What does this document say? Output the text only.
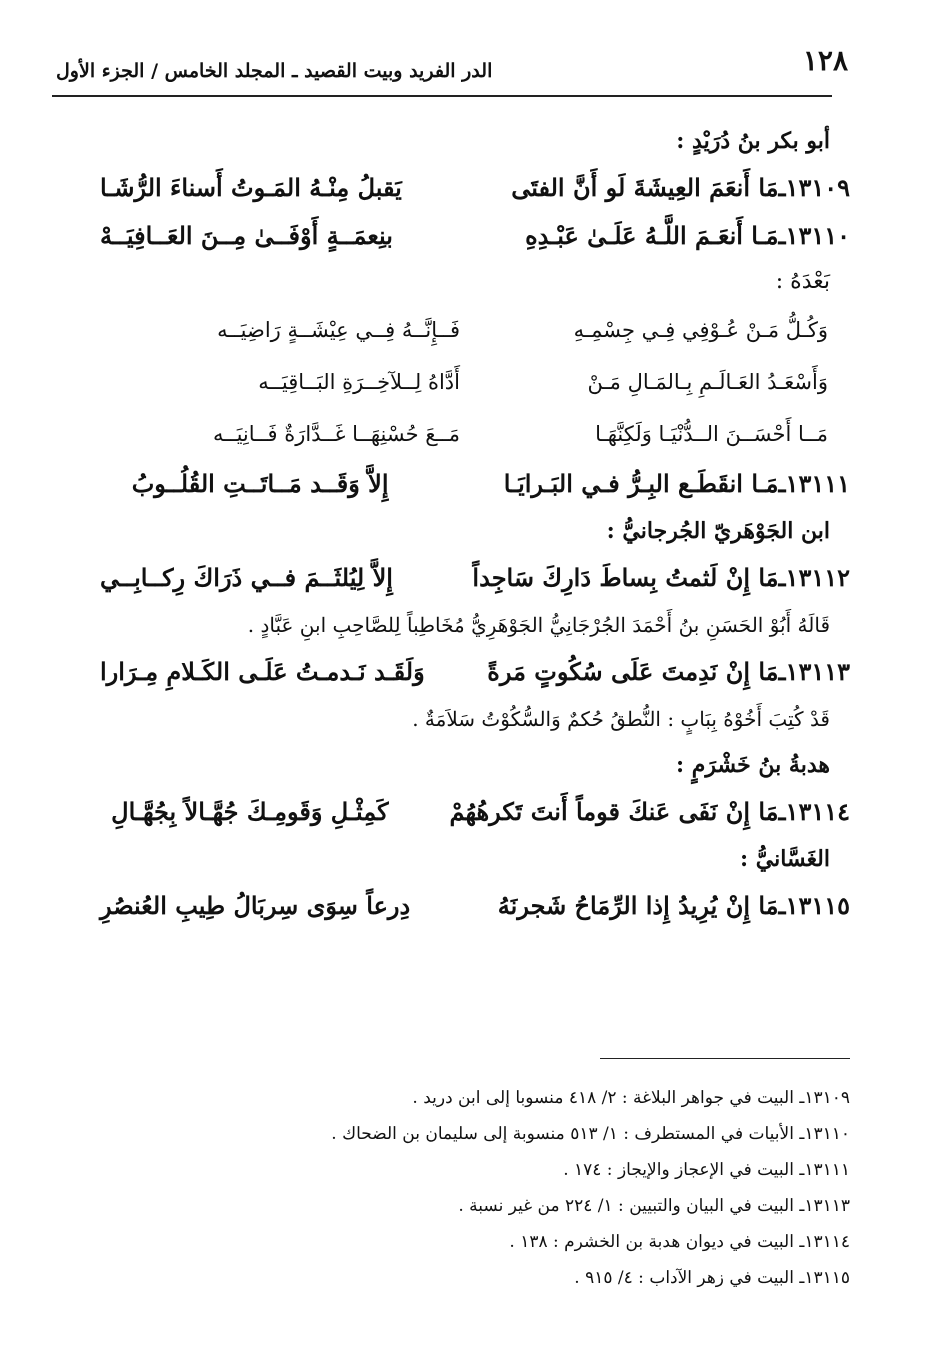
١٢٨
الدر الفريد وبيت القصيد ـ المجلد الخامس / الجزء الأول
أبو بكر بنُ دُرَيْدٍ :
١٣١٠٩ـ
مَا أَنعَمَ العِيشَةَ لَو أَنَّ الفتَى
يَقبلُ مِنْـهُ المَـوتُ أَسناءَ الرُّشَـا
١٣١١٠ـ
مَـا أَنعَـمَ اللَّـهُ عَلَـىٰ عَبْـدِهِ
بنِعمَــةٍ أَوْفَــىٰ مِــنَ العَــافِيَــهْ
بَعْدَهُ :
وَكُـلُّ مَـنْ عُـوْفِي فِـي جِسْمِـهِ
فَــإِنَّــهُ فِــي عِيْشَــةٍ رَاضِيَــه
وَأَسْعَـدُ العَـالَـمِ بِـالمَـالِ مَـنْ
أَدَّاهُ لِــلآخِــرَةِ البَــاقِيَــه
مَــا أَحْسَــنَ الــدُّنْيَـا وَلَكِنَّهَـا
مَــعَ حُسْنِهَــا غَــدَّارَةٌ فَــانِيَــه
١٣١١١ـ
مَـا انقَطَـع البِـرُّ فـي البَـرايَـا
إِلاَّ وَقَــد مَــاتَــتِ القُلُــوبُ
ابن الجَوْهَريّ الجُرجانيُّ :
١٣١١٢ـ
مَا إِنْ لَثمتُ بِساطَ دَارِكَ سَاجِداً
إِلاَّ لِيُلثَــمَ فــي ذَرَاكَ رِكــابِــي
قَالَهُ أَبُوْ الحَسَنِ بنُ أَحْمَدَ الجُرْجَانِيُّ الجَوْهَرِيُّ مُخَاطِباً لِلصَّاحِبِ ابنِ عَبَّادٍ .
١٣١١٣ـ
مَا إِنْ نَدِمتَ عَلَى سُكُوتٍ مَرةً
وَلَقَـد نَـدمـتُ عَلَـى الكَـلامِ مِـرَارا
قَدْ كُتِبَ أَخُوْهُ بِبَابٍ : النُّطقُ حُكمٌ وَالسُّكُوْتُ سَلاَمَةٌ .
هدبةُ بنُ خَشْرَمٍ :
١٣١١٤ـ
مَا إِنْ نَفَى عَنكَ قوماً أَنتَ تَكرهُهُمْ
كَمِثْـلِ وَقَومِـكَ جُهَّـالاً بِجُهَّـالِ
الغَسَّانيُّ :
١٣١١٥ـ
مَا إِنْ يُرِيدُ إِذا الرِّمَاحُ شَجرنَهُ
دِرعاً سِوَى سِربَالُ طِيبِ العُنصُرِ
١٣١٠٩ـ البيت في جواهر البلاغة : ٢/ ٤١٨ منسوبا إلى ابن دريد .
١٣١١٠ـ الأبيات في المستطرف : ١/ ٥١٣ منسوبة إلى سليمان بن الضحاك .
١٣١١١ـ البيت في الإعجاز والإيجاز : ١٧٤ .
١٣١١٣ـ البيت في البيان والتبيين : ١/ ٢٢٤ من غير نسبة .
١٣١١٤ـ البيت في ديوان هدبة بن الخشرم : ١٣٨ .
١٣١١٥ـ البيت في زهر الآداب : ٤/ ٩١٥ .
